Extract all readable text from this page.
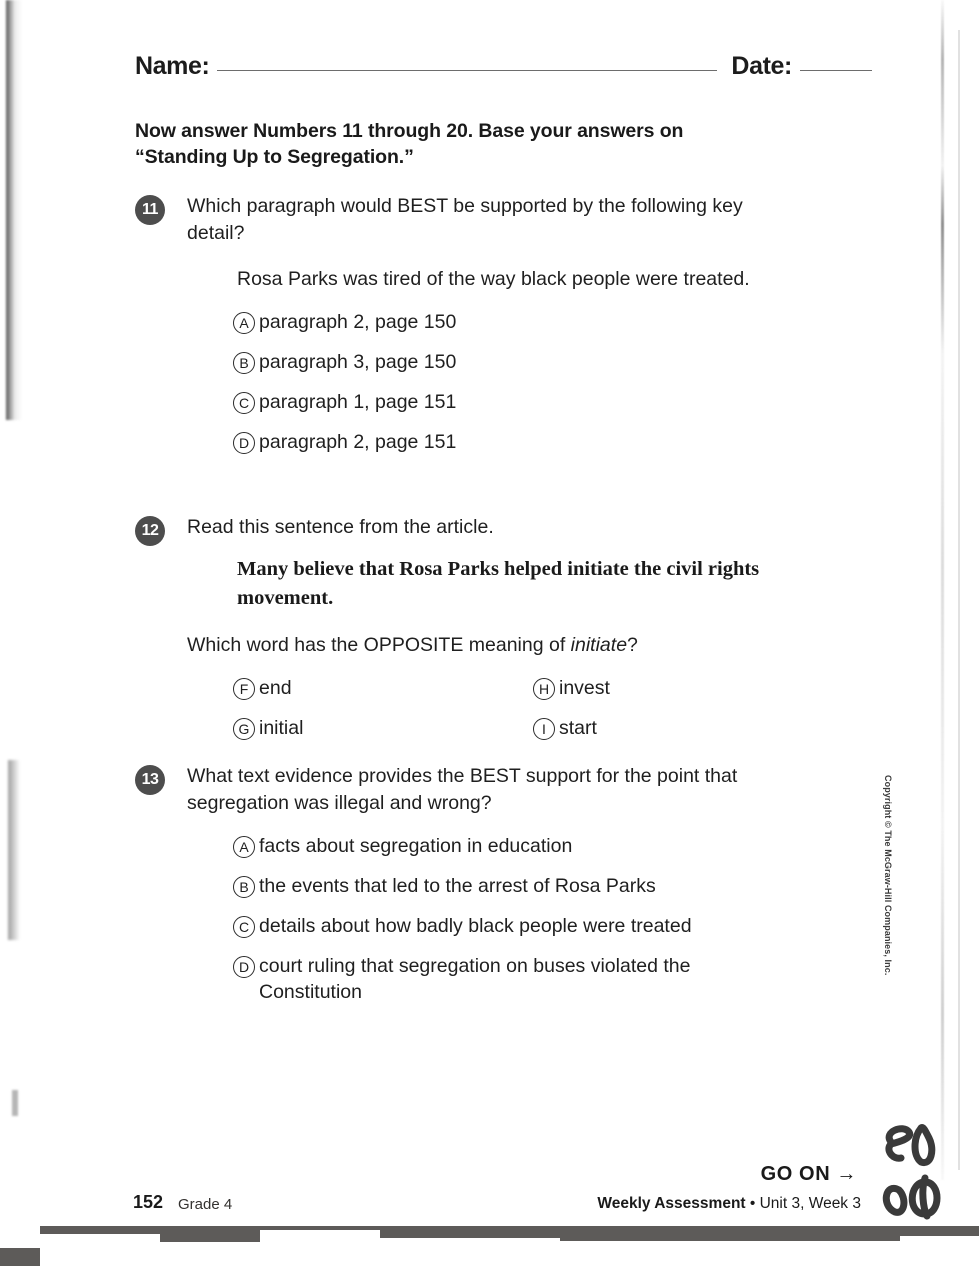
Name:	Date:
Now answer Numbers 11 through 20. Base your answers on “Standing Up to Segregation.”
11	Which paragraph would BEST be supported by the following key detail?
Rosa Parks was tired of the way black people were treated.
A paragraph 2, page 150
B paragraph 3, page 150
C paragraph 1, page 151
D paragraph 2, page 151
12	Read this sentence from the article.
Many believe that Rosa Parks helped initiate the civil rights movement.
Which word has the OPPOSITE meaning of initiate?
F end	H invest
G initial	I start
13	What text evidence provides the BEST support for the point that segregation was illegal and wrong?
A facts about segregation in education
B the events that led to the arrest of Rosa Parks
C details about how badly black people were treated
D court ruling that segregation on buses violated the Constitution
Copyright © The McGraw-Hill Companies, Inc.
152 Grade 4
GO ON →
Weekly Assessment • Unit 3, Week 3
